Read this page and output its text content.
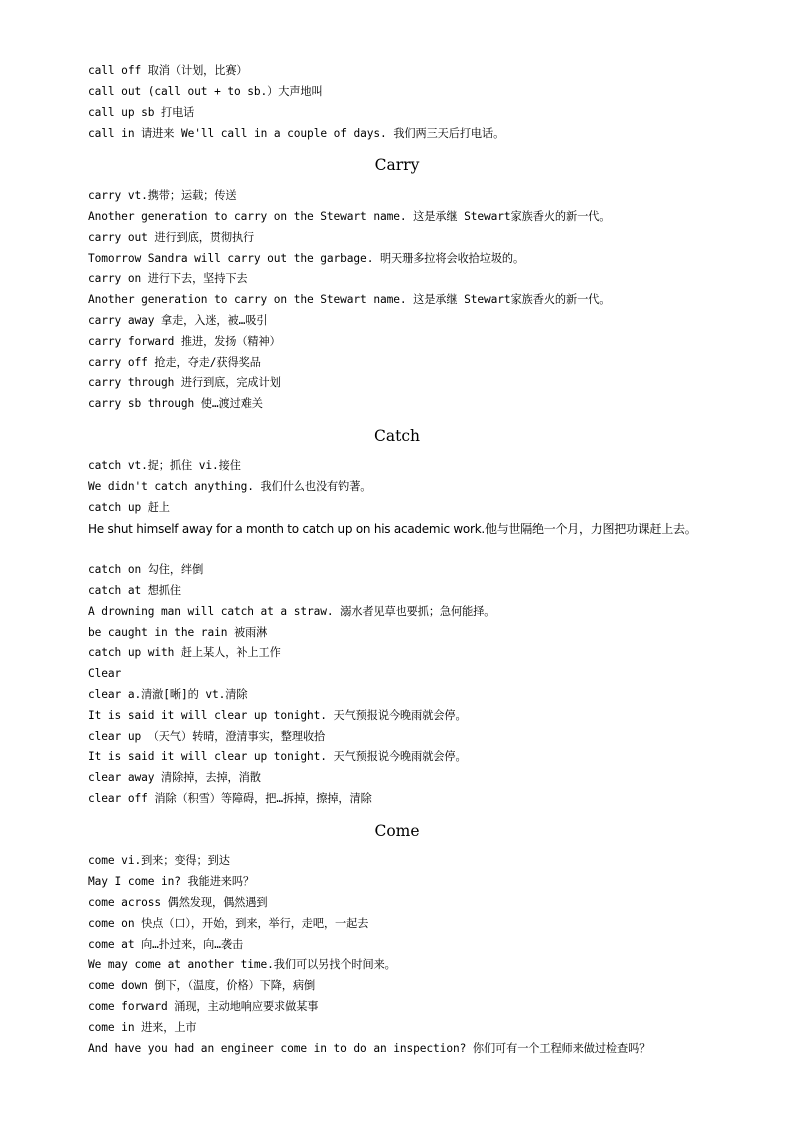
call off 取消（计划，比赛）
call out (call out + to sb.）大声地叫
call up sb 打电话
call in 请进来 We'll call in a couple of days. 我们两三天后打电话。
Carry
carry vt.携带；运载；传送
Another generation to carry on the Stewart name. 这是承继 Stewart家族香火的新一代。
carry out 进行到底，贯彻执行
Tomorrow Sandra will carry out the garbage. 明天珊多拉将会收拾垃圾的。
carry on 进行下去，坚持下去
Another generation to carry on the Stewart name. 这是承继 Stewart家族香火的新一代。
carry away 拿走，入迷，被…吸引
carry forward 推进，发扬（精神）
carry off 抢走，夺走/获得奖品
carry through 进行到底，完成计划
carry sb through 使…渡过难关
Catch
catch vt.捉；抓住 vi.接住
We didn't catch anything. 我们什么也没有钓著。
catch up 赶上
He shut himself away for a month to catch up on his academic work.他与世隔绝一个月，力图把功课赶上去。
catch on 勾住，绊倒
catch at 想抓住
A drowning man will catch at a straw. 溺水者见草也要抓；急何能择。
be caught in the rain 被雨淋
catch up with 赶上某人，补上工作
Clear
clear a.清澈[晰]的 vt.清除
It is said it will clear up tonight. 天气预报说今晚雨就会停。
clear up （天气）转晴，澄清事实，整理收拾
It is said it will clear up tonight. 天气预报说今晚雨就会停。
clear away 清除掉，去掉，消散
clear off 消除（积雪）等障碍，把…拆掉，擦掉，清除
Come
come vi.到来；变得；到达
May I come in? 我能进来吗？
come across 偶然发现，偶然遇到
come on 快点（口），开始，到来，举行，走吧，一起去
come at 向…扑过来，向…袭击
We may come at another time.我们可以另找个时间来。
come down 倒下，（温度，价格）下降，病倒
come forward 涌现，主动地响应要求做某事
come in 进来，上市
And have you had an engineer come in to do an inspection? 你们可有一个工程师来做过检查吗？
